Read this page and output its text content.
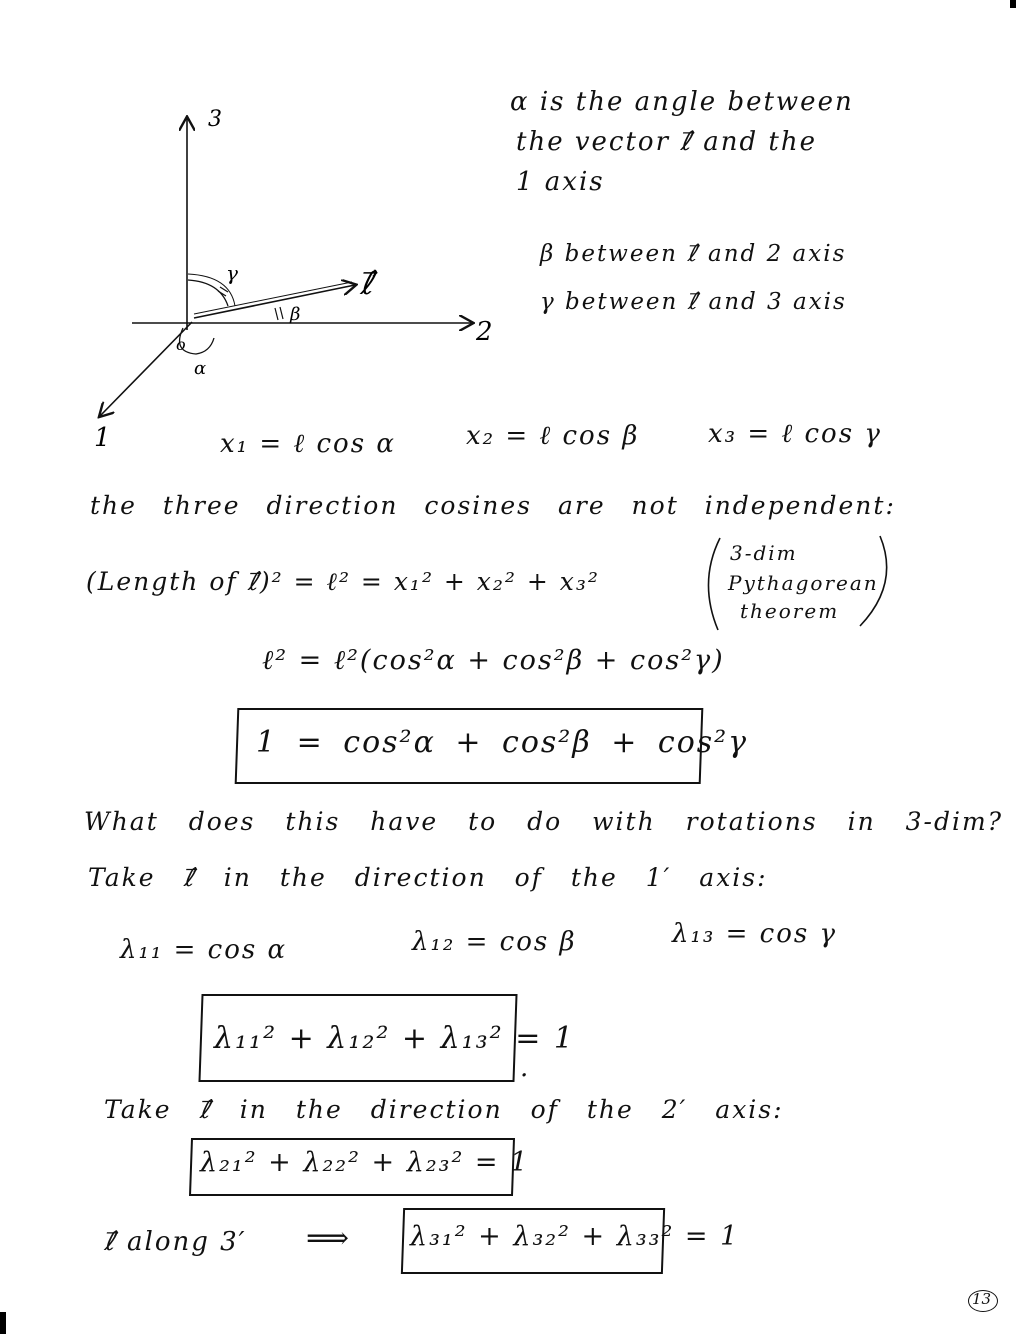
3
2
1
o
ℓ⃗
α
β
γ
α is the angle between
the vector ℓ⃗ and the
1 axis
β between ℓ⃗ and 2 axis
γ between ℓ⃗ and 3 axis
x₁ = ℓ cos α	x₂ = ℓ cos β	x₃ = ℓ cos γ
the three direction cosines are not independent:
(Length of ℓ⃗)² = ℓ² = x₁² + x₂² + x₃²
3-dim
Pythagorean
theorem
ℓ² = ℓ²(cos²α + cos²β + cos²γ)
1 = cos²α + cos²β + cos²γ
What does this have to do with rotations in 3-dim?
Take ℓ⃗ in the direction of the 1′ axis:
λ₁₁ = cos α	λ₁₂ = cos β	λ₁₃ = cos γ
λ₁₁² + λ₁₂² + λ₁₃² = 1
.
Take ℓ⃗ in the direction of the 2′ axis:
λ₂₁² + λ₂₂² + λ₂₃² = 1
ℓ⃗ along 3′ ⟹ λ₃₁² + λ₃₂² + λ₃₃² = 1
13
